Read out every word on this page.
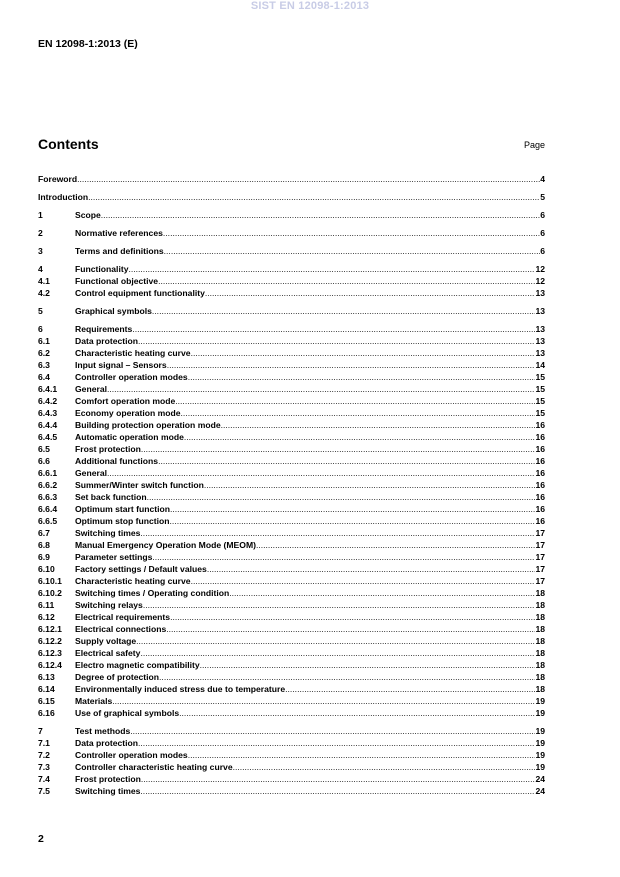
SIST EN 12098-1:2013
EN 12098-1:2013 (E)
Contents	Page
Foreword .....	4
Introduction .....	5
1	Scope .....	6
2	Normative references .....	6
3	Terms and definitions .....	6
4	Functionality .....	12
4.1	Functional objective .....	12
4.2	Control equipment functionality .....	13
5	Graphical symbols .....	13
6	Requirements .....	13
6.1	Data protection .....	13
6.2	Characteristic heating curve .....	13
6.3	Input signal – Sensors .....	14
6.4	Controller operation modes .....	15
6.4.1 General .....	15
6.4.2 Comfort operation mode .....	15
6.4.3 Economy operation mode .....	15
6.4.4 Building protection operation mode .....	16
6.4.5 Automatic operation mode .....	16
6.5	Frost protection .....	16
6.6	Additional functions .....	16
6.6.1 General .....	16
6.6.2 Summer/Winter switch function .....	16
6.6.3 Set back function .....	16
6.6.4 Optimum start function .....	16
6.6.5 Optimum stop function .....	16
6.7	Switching times .....	17
6.8	Manual Emergency Operation Mode (MEOM) .....	17
6.9	Parameter settings .....	17
6.10 Factory settings / Default values .....	17
6.10.1 Characteristic heating curve .....	17
6.10.2 Switching times / Operating condition .....	18
6.11 Switching relays .....	18
6.12 Electrical requirements .....	18
6.12.1 Electrical connections .....	18
6.12.2 Supply voltage .....	18
6.12.3 Electrical safety .....	18
6.12.4 Electro magnetic compatibility .....	18
6.13 Degree of protection .....	18
6.14 Environmentally induced stress due to temperature .....	18
6.15 Materials .....	19
6.16 Use of graphical symbols .....	19
7	Test methods .....	19
7.1	Data protection .....	19
7.2	Controller operation modes .....	19
7.3	Controller characteristic heating curve .....	19
7.4	Frost protection .....	24
7.5	Switching times .....	24
2
